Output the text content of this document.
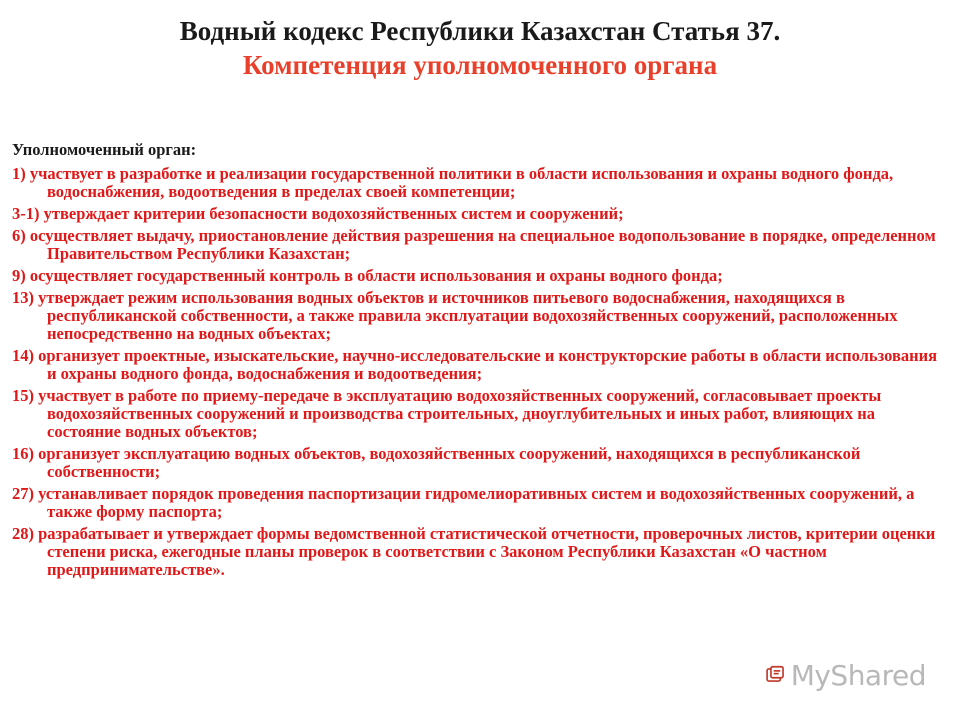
Водный кодекс Республики Казахстан Статья 37.
Компетенция уполномоченного органа
Уполномоченный орган:
1) участвует в разработке и реализации государственной политики в области использования и охраны водного фонда, водоснабжения, водоотведения в пределах своей компетенции;
3-1) утверждает критерии безопасности водохозяйственных систем и сооружений;
6) осуществляет выдачу, приостановление действия разрешения на специальное водопользование в порядке, определенном Правительством Республики Казахстан;
9) осуществляет государственный контроль в области использования и охраны водного фонда;
13) утверждает режим использования водных объектов и источников питьевого водоснабжения, находящихся в республиканской собственности, а также правила эксплуатации водохозяйственных сооружений, расположенных непосредственно на водных объектах;
14) организует проектные, изыскательские, научно-исследовательские и конструкторские работы в области использования и охраны водного фонда, водоснабжения и водоотведения;
15) участвует в работе по приему-передаче в эксплуатацию водохозяйственных сооружений, согласовывает проекты водохозяйственных сооружений и производства строительных, дноуглубительных и иных работ, влияющих на состояние водных объектов;
16) организует эксплуатацию водных объектов, водохозяйственных сооружений, находящихся в республиканской собственности;
27) устанавливает порядок проведения паспортизации гидромелиоративных систем и водохозяйственных сооружений, а также форму паспорта;
28) разрабатывает и утверждает формы ведомственной статистической отчетности, проверочных листов, критерии оценки степени риска, ежегодные планы проверок в соответствии с Законом Республики Казахстан «О частном предпринимательстве».
MyShared
